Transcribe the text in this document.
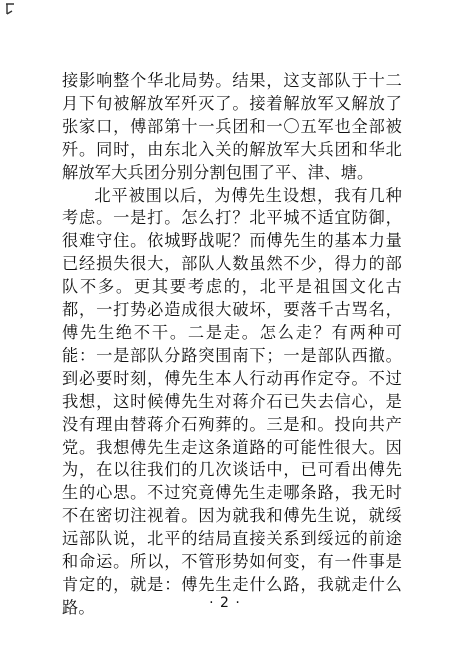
接影响整个华北局势。结果，这支部队于十二月下旬被解放军歼灭了。接着解放军又解放了张家口，傅部第十一兵团和一〇五军也全部被歼。同时，由东北入关的解放军大兵团和华北解放军大兵团分别分割包围了平、津、塘。

北平被围以后，为傅先生设想，我有几种考虑。一是打。怎么打？北平城不适宜防御，很难守住。依城野战呢？而傅先生的基本力量已经损失很大，部队人数虽然不少，得力的部队不多。更其要考虑的，北平是祖国文化古都，一打势必造成很大破坏，要落千古骂名，傅先生绝不干。二是走。怎么走？有两种可能：一是部队分路突围南下；一是部队西撤。到必要时刻，傅先生本人行动再作定夺。不过我想，这时候傅先生对蒋介石已失去信心，是没有理由替蒋介石殉葬的。三是和。投向共产党。我想傅先生走这条道路的可能性很大。因为，在以往我们的几次谈话中，已可看出傅先生的心思。不过究竟傅先生走哪条路，我无时不在密切注视着。因为就我和傅先生说，就绥远部队说，北平的结局直接关系到绥远的前途和命运。所以，不管形势如何变，有一件事是肯定的，就是：傅先生走什么路，我就走什么路。	· 2 ·
